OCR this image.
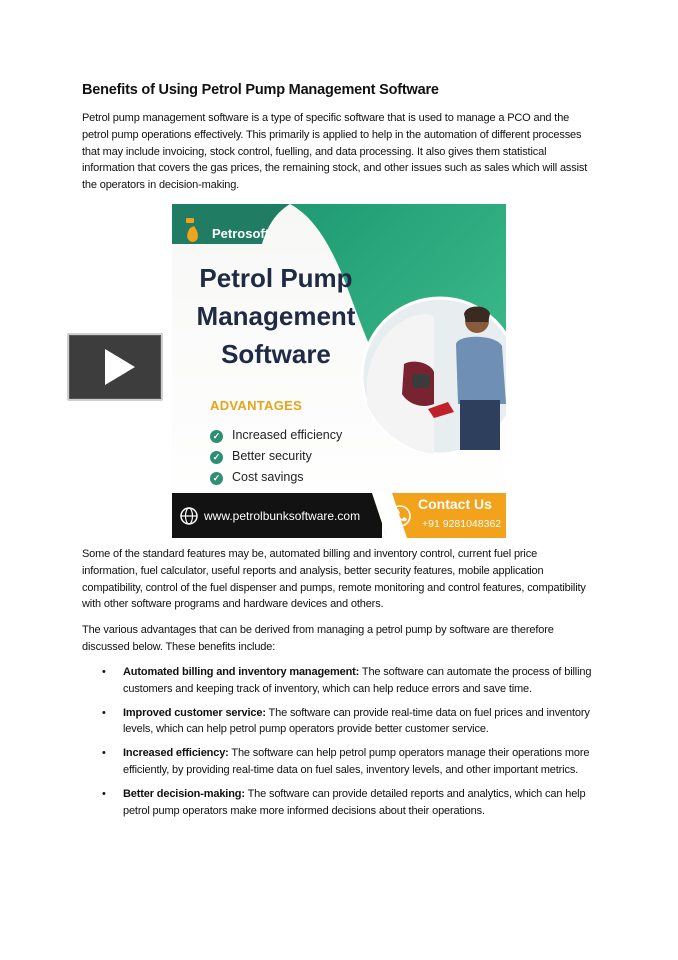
Benefits of Using Petrol Pump Management Software
Petrol pump management software is a type of specific software that is used to manage a PCO and the petrol pump operations effectively. This primarily is applied to help in the automation of different processes that may include invoicing, stock control, fuelling, and data processing. It also gives them statistical information that covers the gas prices, the remaining stock, and other issues such as sales which will assist the operators in decision-making.
Petrosoft
Petrol Pump
Management
Software
ADVANTAGES
✓ Increased efficiency
✓ Better security
✓ Cost savings
www.petrolbunksoftware.com
Contact Us
+91 9281048362
Some of the standard features may be, automated billing and inventory control, current fuel price information, fuel calculator, useful reports and analysis, better security features, mobile application compatibility, control of the fuel dispenser and pumps, remote monitoring and control features, compatibility with other software programs and hardware devices and others.
The various advantages that can be derived from managing a petrol pump by software are therefore discussed below. These benefits include:
• Automated billing and inventory management: The software can automate the process of billing customers and keeping track of inventory, which can help reduce errors and save time.
• Improved customer service: The software can provide real-time data on fuel prices and inventory levels, which can help petrol pump operators provide better customer service.
• Increased efficiency: The software can help petrol pump operators manage their operations more efficiently, by providing real-time data on fuel sales, inventory levels, and other important metrics.
• Better decision-making: The software can provide detailed reports and analytics, which can help petrol pump operators make more informed decisions about their operations.
